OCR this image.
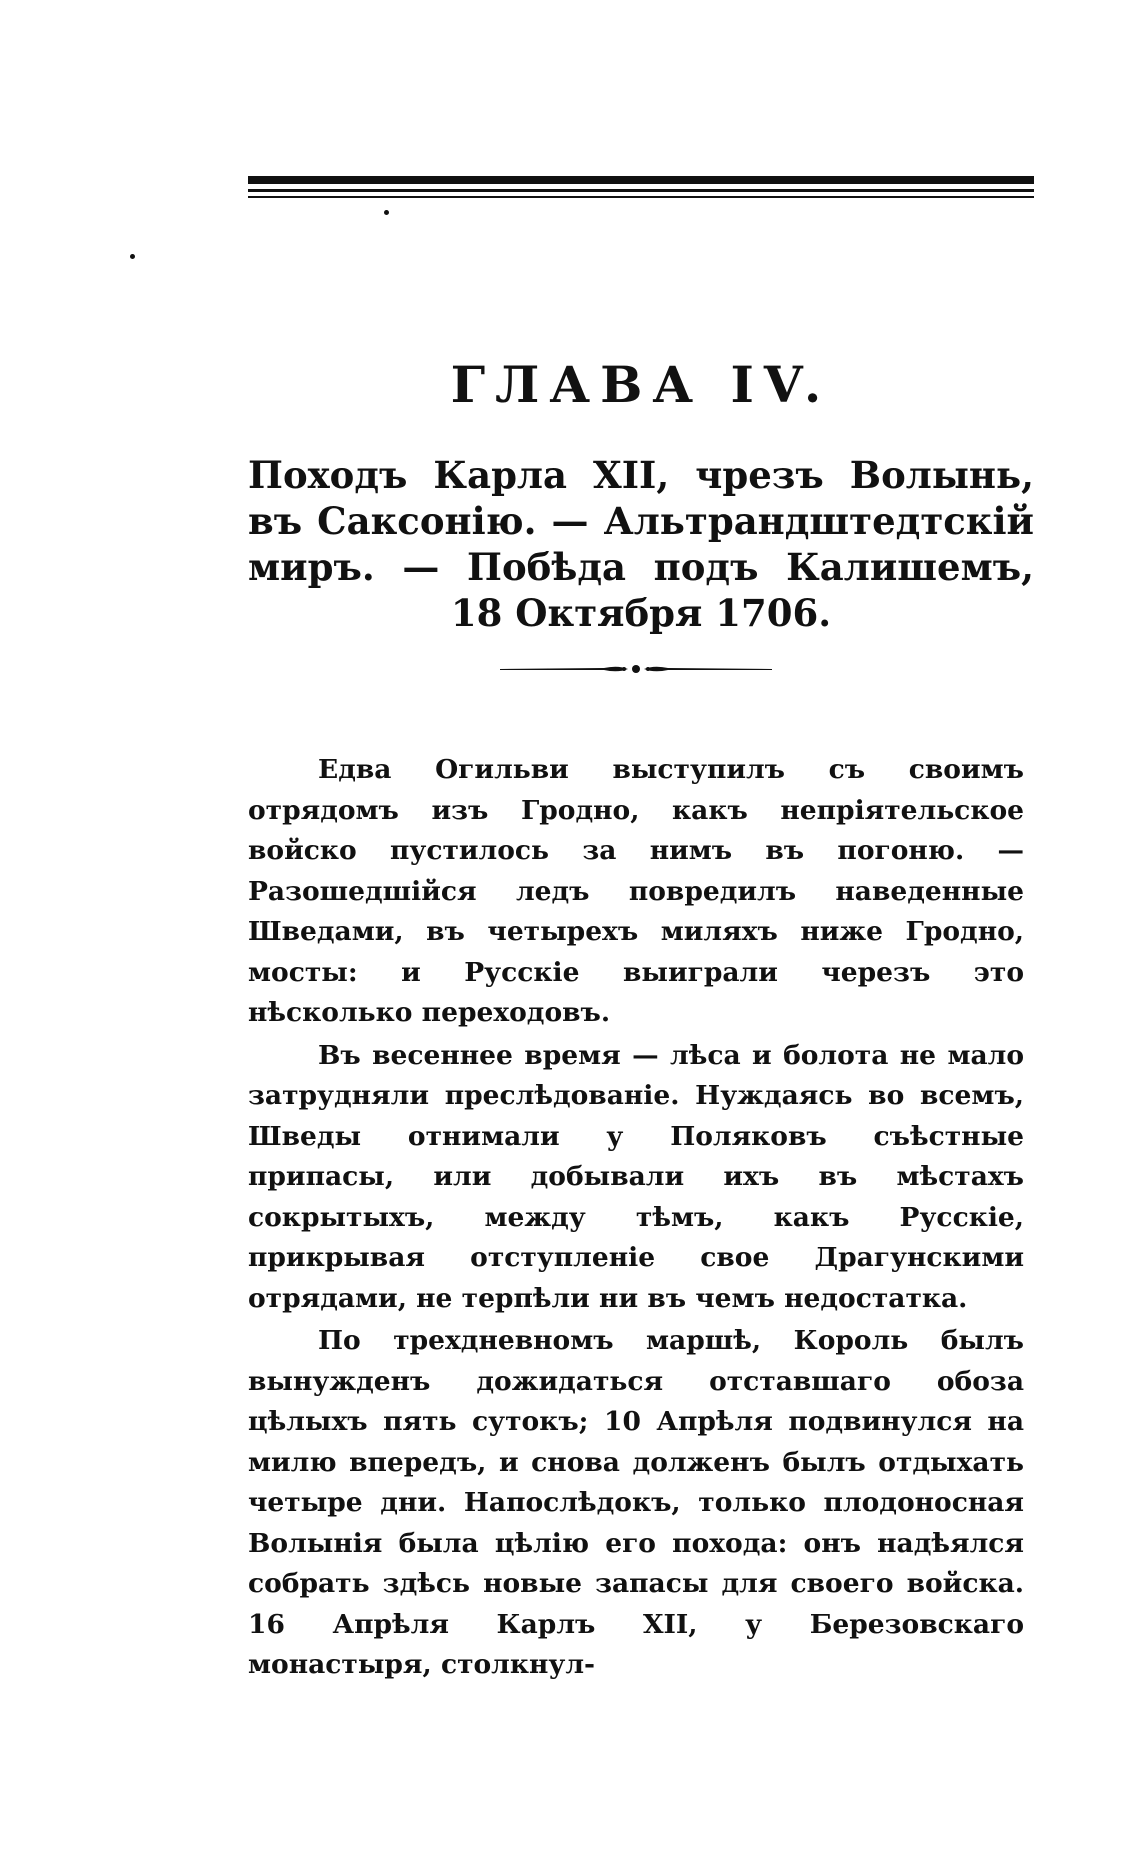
ГЛАВА IV.
Походъ Карла XII, чрезъ Волынь, въ Саксонію. — Альтрандштедтскій миръ. — Побѣда подъ Калишемъ, 18 Октября 1706.

Едва Огильви выступилъ съ своимъ отрядомъ изъ Гродно, какъ непріятельское войско пустилось за нимъ въ погоню. — Разошедшійся ледъ повредилъ наведенные Шведами, въ четырехъ миляхъ ниже Гродно, мосты: и Русскіе выиграли черезъ это нѣсколько переходовъ.

Въ весеннее время — лѣса и болота не мало затрудняли преслѣдованіе. Нуждаясь во всемъ, Шведы отнимали у Поляковъ съѣстные припасы, или добывали ихъ въ мѣстахъ сокрытыхъ, между тѣмъ, какъ Русскіе, прикрывая отступленіе свое Драгунскими отрядами, не терпѣли ни въ чемъ недостатка.

По трехдневномъ маршѣ, Король былъ вынужденъ дожидаться отставшаго обоза цѣлыхъ пять сутокъ; 10 Апрѣля подвинулся на милю впередъ, и снова долженъ былъ отдыхать четыре дни. Напослѣдокъ, только плодоносная Волынія была цѣлію его похода: онъ надѣялся собрать здѣсь новые запасы для своего войска. 16 Апрѣля Карлъ XII, у Березовскаго монастыря, столкнул-
